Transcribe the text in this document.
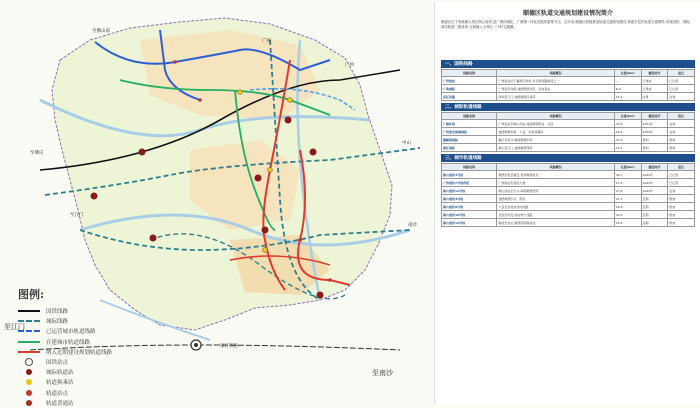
至佛山南
广州
至肇庆
广州
至江门
南沙
中山
深江铁路
至江门
至南沙
图例:
国铁线路
城际线路
已运营城市轨道线路
在建城市轨道线路
纳入近期建设规划轨道线路
国铁站点
城际轨道站
轨道换乘站
轨道站点
轨道普通站
顺德区轨道交通规划建设情况简介
顺德区位于粤港澳大湾区核心地带,是广佛同城化、广佛肇一体化发展的重要节点。近年来,顺德区积极推进轨道交通规划建设,构建多层次轨道交通网络,形成国铁、城际、城市轨道三级体系,全面融入大湾区一小时交通圈。
一、国铁线路
线路名称	线路概况	长度(km)	建设时序	备注
广州南站	广州南站位于番禺区钟村,是全国铁路枢纽之一	—	已建成	已运营
广珠城际	广州南至珠海,途经顺德北滘、容桂等站	8.9	已建成	已运营
深江铁路	深圳至江门,途经顺德区南部	15.2	在建	在建
二、城际轨道线路
线路名称	线路概况	长度(km)	建设时序	备注
广佛环线	广州南站至佛山西站,途经顺德陈村、北滘	23.6	2021年	在建
广州南至珠海城际	途经顺德伦教、大良、容桂等镇街	18.4	2022年	在建
肇顺南城际	肇庆至南沙,横贯顺德中部	37.9	规划	规划
佛江城际	佛山至江门,途经顺德西部	12.5	规划	规划
三、城市轨道线路
线路名称	线路概况	长度(km)	建设时序	备注
佛山地铁3号线	顺德学院至镇安,贯穿顺德南北	40.7	2022年	已运营
广州地铁7号线西延	广州南站至美的大道	13.5	2022年	已运营
佛山地铁11号线	佛山西站至乐从,串联顺德西部	27.6	2025年	在建
佛山地铁4号线	途经顺德乐从、陈村	21.3	近期	规划
佛山地铁9号线	大良至容桂东西向线路	16.8	近期	规划
佛山地铁10号线	北滘至均安,纵向骨干线路	34.2	近期	规划
佛山地铁12号线	勒流至杏坛,顺德西部联络线	18.9	远期	规划
